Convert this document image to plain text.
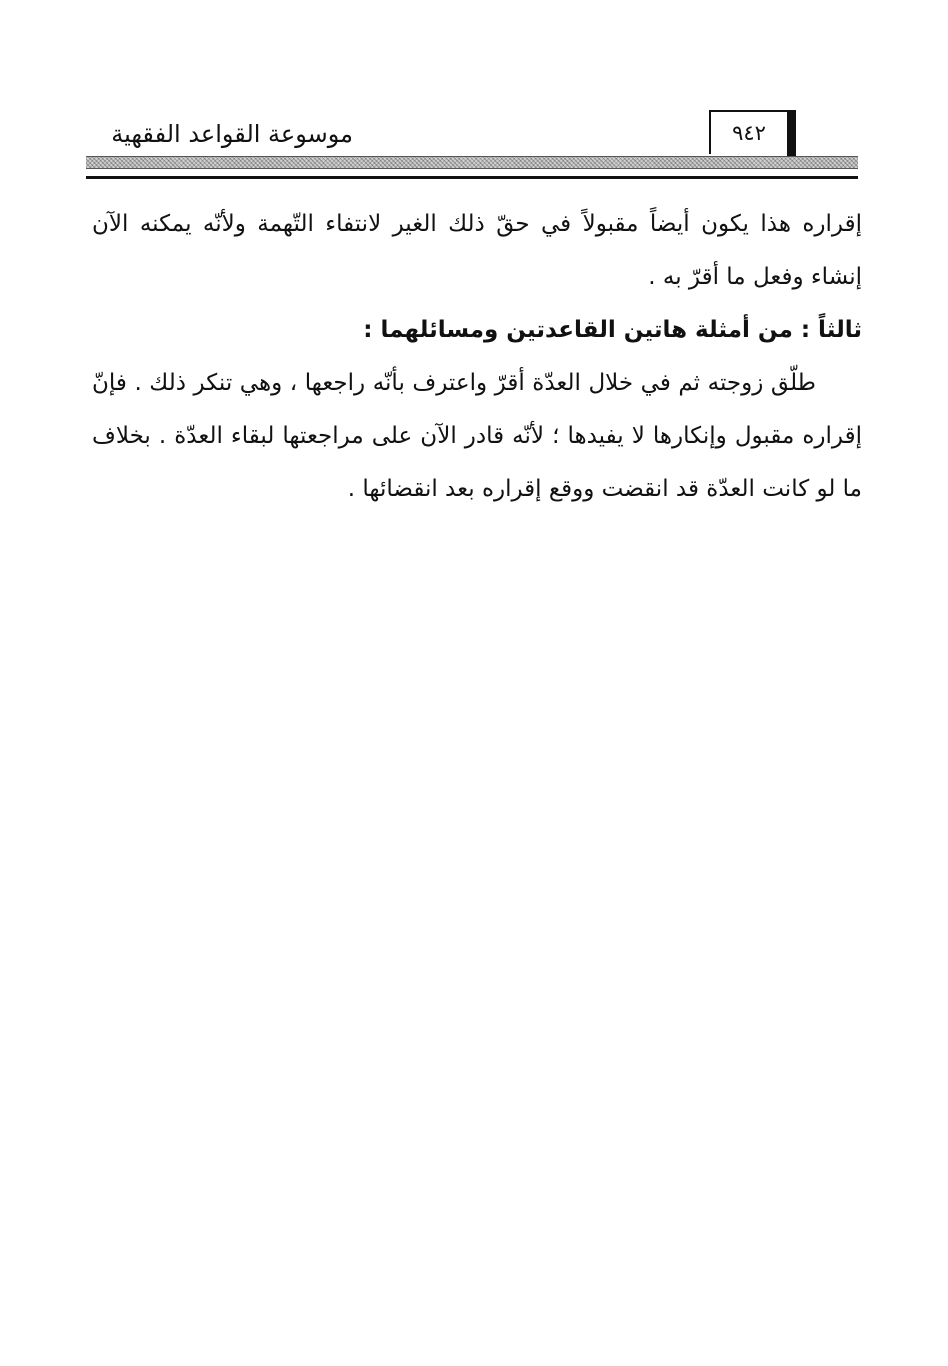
موسوعة القواعد الفقهية	٩٤٢

إقراره هذا يكون أيضاً مقبولاً في حقّ ذلك الغير لانتفاء التّهمة ولأنّه يمكنه الآن إنشاء وفعل ما أقرّ به .

ثالثاً : من أمثلة هاتين القاعدتين ومسائلهما :

طلّق زوجته ثم في خلال العدّة أقرّ واعترف بأنّه راجعها ، وهي تنكر ذلك . فإنّ إقراره مقبول وإنكارها لا يفيدها ؛ لأنّه قادر الآن على مراجعتها لبقاء العدّة . بخلاف ما لو كانت العدّة قد انقضت ووقع إقراره بعد انقضائها .
